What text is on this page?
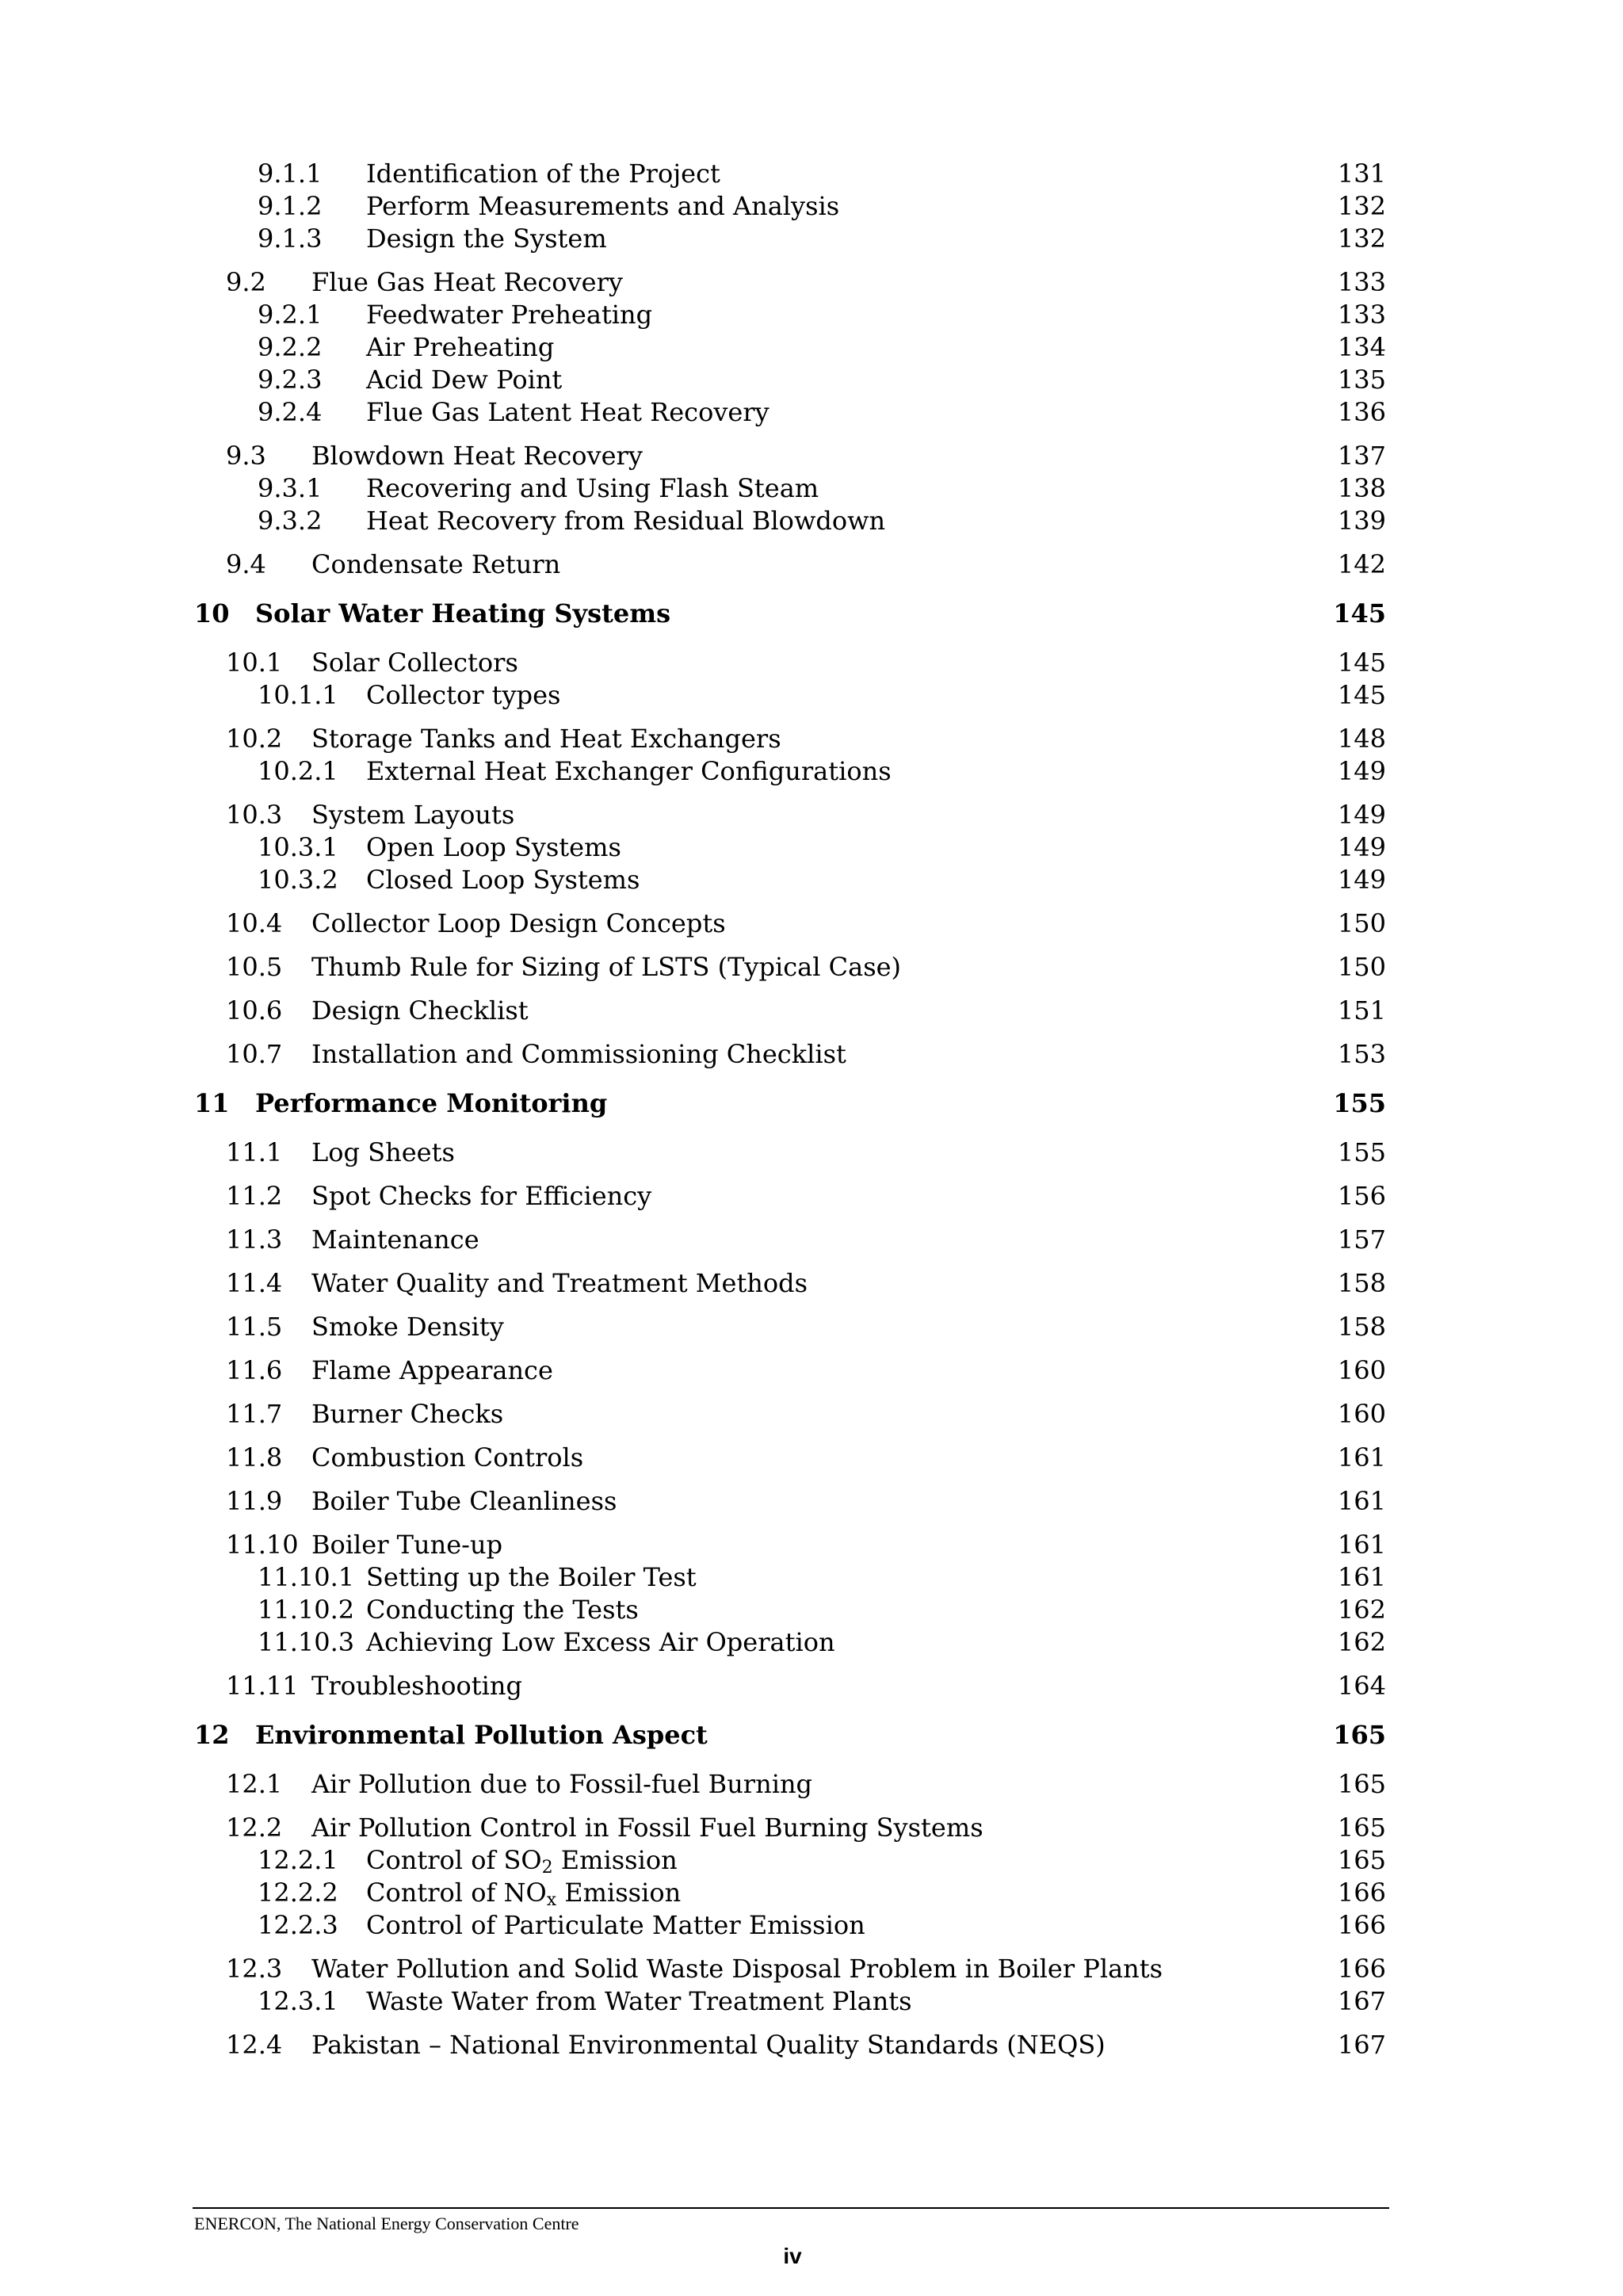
9.1.1 Identification of the Project	131
9.1.2 Perform Measurements and Analysis	132
9.1.3 Design the System	132
9.2 Flue Gas Heat Recovery	133
9.2.1 Feedwater Preheating	133
9.2.2 Air Preheating	134
9.2.3 Acid Dew Point	135
9.2.4 Flue Gas Latent Heat Recovery	136
9.3 Blowdown Heat Recovery	137
9.3.1 Recovering and Using Flash Steam	138
9.3.2 Heat Recovery from Residual Blowdown	139
9.4 Condensate Return	142
10 Solar Water Heating Systems	145
10.1 Solar Collectors	145
10.1.1 Collector types	145
10.2 Storage Tanks and Heat Exchangers	148
10.2.1 External Heat Exchanger Configurations	149
10.3 System Layouts	149
10.3.1 Open Loop Systems	149
10.3.2 Closed Loop Systems	149
10.4 Collector Loop Design Concepts	150
10.5 Thumb Rule for Sizing of LSTS (Typical Case)	150
10.6 Design Checklist	151
10.7 Installation and Commissioning Checklist	153
11 Performance Monitoring	155
11.1 Log Sheets	155
11.2 Spot Checks for Efficiency	156
11.3 Maintenance	157
11.4 Water Quality and Treatment Methods	158
11.5 Smoke Density	158
11.6 Flame Appearance	160
11.7 Burner Checks	160
11.8 Combustion Controls	161
11.9 Boiler Tube Cleanliness	161
11.10 Boiler Tune-up	161
11.10.1 Setting up the Boiler Test	161
11.10.2 Conducting the Tests	162
11.10.3 Achieving Low Excess Air Operation	162
11.11 Troubleshooting	164
12 Environmental Pollution Aspect	165
12.1 Air Pollution due to Fossil-fuel Burning	165
12.2 Air Pollution Control in Fossil Fuel Burning Systems	165
12.2.1 Control of $SO_2$ Emission	165
12.2.2 Control of $NO_x$ Emission	166
12.2.3 Control of Particulate Matter Emission	166
12.3 Water Pollution and Solid Waste Disposal Problem in Boiler Plants	166
12.3.1 Waste Water from Water Treatment Plants	167
12.4 Pakistan – National Environmental Quality Standards (NEQS)	167
ENERCON, The National Energy Conservation Centre
iv
